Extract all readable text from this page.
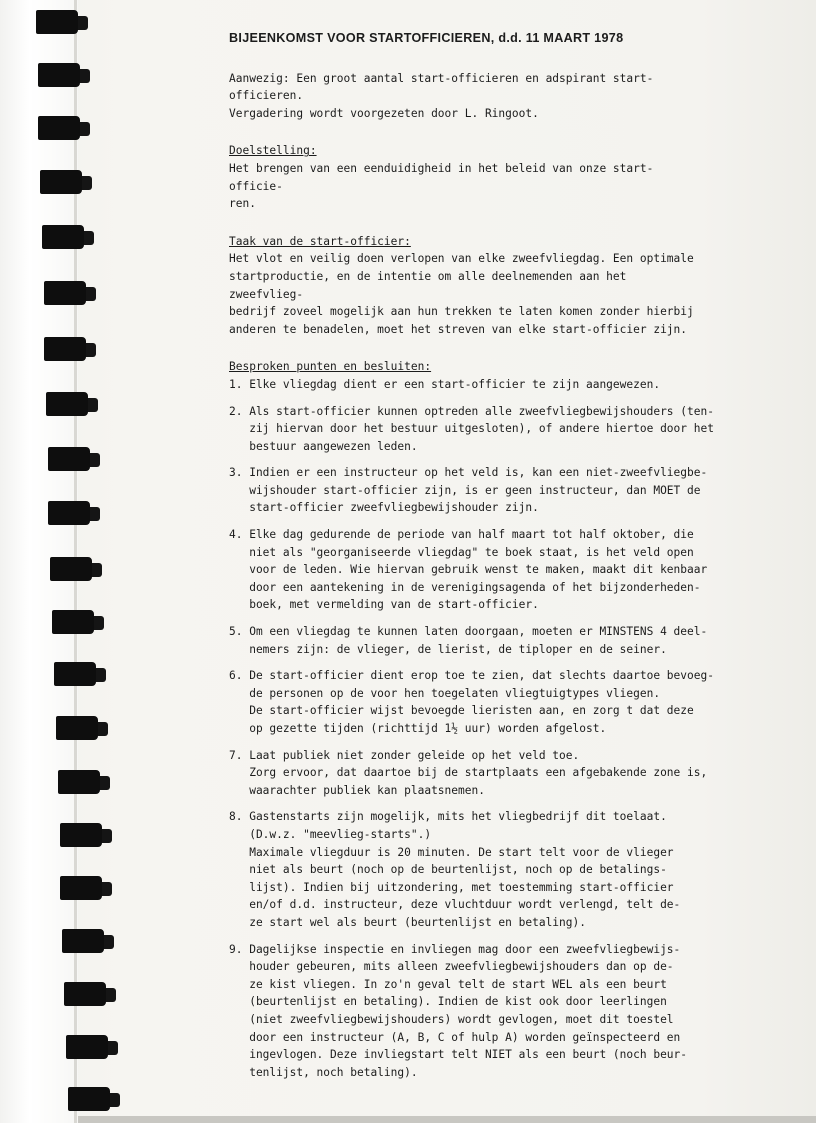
BIJEENKOMST VOOR STARTOFFICIEREN, d.d. 11 MAART 1978

Aanwezig: Een groot aantal start-officieren en adspirant start-officieren.

Vergadering wordt voorgezeten door L. Ringoot.

Doelstelling:

Het brengen van een eenduidigheid in het beleid van onze start-officie-

ren.

Taak van de start-officier:

Het vlot en veilig doen verlopen van elke zweefvliegdag. Een optimale

startproductie, en de intentie om alle deelnemenden aan het zweefvlieg-

bedrijf zoveel mogelijk aan hun trekken te laten komen zonder hierbij

anderen te benadelen, moet het streven van elke start-officier zijn.

Besproken punten en besluiten:

1. Elke vliegdag dient er een start-officier te zijn aangewezen.
2. Als start-officier kunnen optreden alle zweefvliegbewijshouders (ten-
zij hiervan door het bestuur uitgesloten), of andere hiertoe door het
bestuur aangewezen leden.
3. Indien er een instructeur op het veld is, kan een niet-zweefvliegbe-
wijshouder start-officier zijn, is er geen instructeur, dan MOET de
start-officier zweefvliegbewijshouder zijn.
4. Elke dag gedurende de periode van half maart tot half oktober, die
niet als "georganiseerde vliegdag" te boek staat, is het veld open
voor de leden. Wie hiervan gebruik wenst te maken, maakt dit kenbaar
door een aantekening in de verenigingsagenda of het bijzonderheden-
boek, met vermelding van de start-officier.
5. Om een vliegdag te kunnen laten doorgaan, moeten er MINSTENS 4 deel-
nemers zijn: de vlieger, de lierist, de tiploper en de seiner.
6. De start-officier dient erop toe te zien, dat slechts daartoe bevoeg-
de personen op de voor hen toegelaten vliegtuigtypes vliegen.
De start-officier wijst bevoegde lieristen aan, en zorg t dat deze
op gezette tijden (richttijd 1½ uur) worden afgelost.
7. Laat publiek niet zonder geleide op het veld toe.
Zorg ervoor, dat daartoe bij de startplaats een afgebakende zone is,
waarachter publiek kan plaatsnemen.
8. Gastenstarts zijn mogelijk, mits het vliegbedrijf dit toelaat.
(D.w.z. "meevlieg-starts".)
Maximale vliegduur is 20 minuten. De start telt voor de vlieger
niet als beurt (noch op de beurtenlijst, noch op de betalings-
lijst). Indien bij uitzondering, met toestemming start-officier
en/of d.d. instructeur, deze vluchtduur wordt verlengd, telt de-
ze start wel als beurt (beurtenlijst en betaling).
9. Dagelijkse inspectie en invliegen mag door een zweefvliegbewijs-
houder gebeuren, mits alleen zweefvliegbewijshouders dan op de-
ze kist vliegen. In zo'n geval telt de start WEL als een beurt
(beurtenlijst en betaling). Indien de kist ook door leerlingen
(niet zweefvliegbewijshouders) wordt gevlogen, moet dit toestel
door een instructeur (A, B, C of hulp A) worden geïnspecteerd en
ingevlogen. Deze invliegstart telt NIET als een beurt (noch beur-
tenlijst, noch betaling).
